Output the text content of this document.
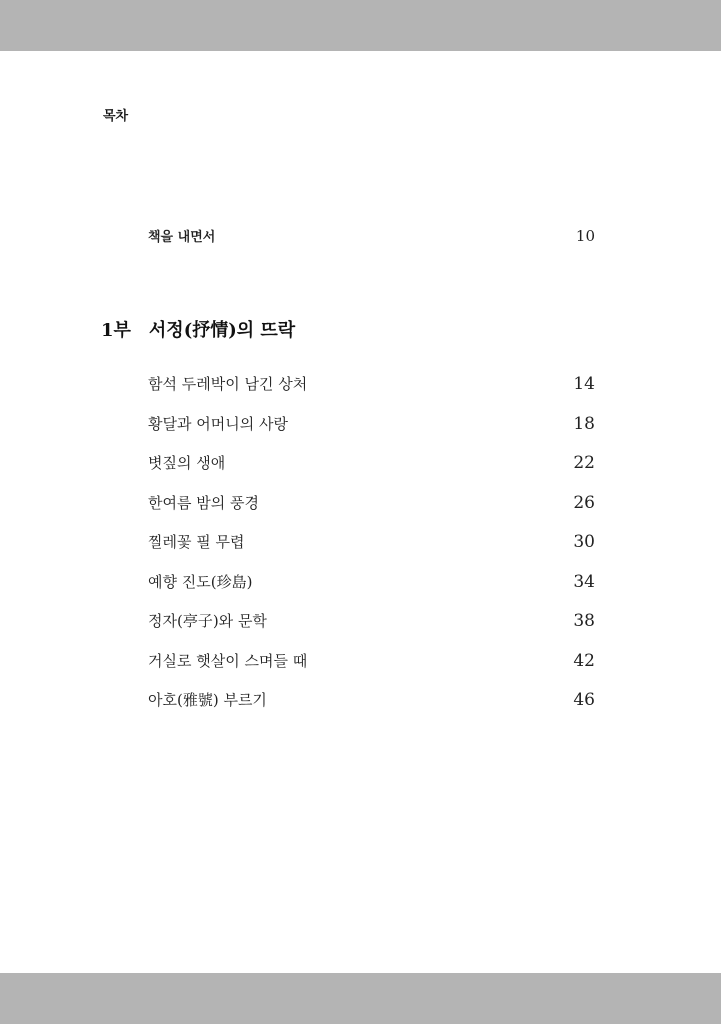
목차
책을 내면서	10
1부 서정(抒情)의 뜨락
함석 두레박이 남긴 상처	14
황달과 어머니의 사랑	18
볏짚의 생애	22
한여름 밤의 풍경	26
찔레꽃 필 무렵	30
예향 진도(珍島)	34
정자(亭子)와 문학	38
거실로 햇살이 스며들 때	42
아호(雅號) 부르기	46
